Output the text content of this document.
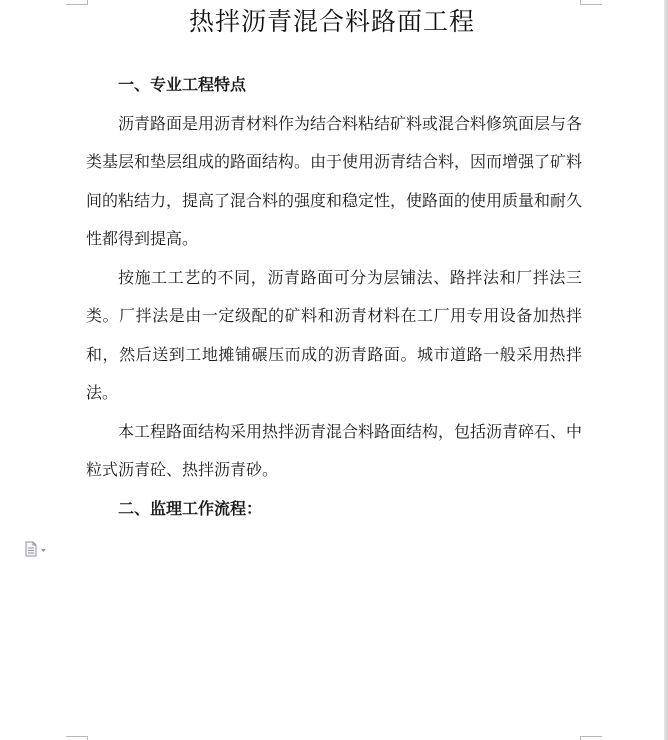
热拌沥青混合料路面工程

一、专业工程特点

沥青路面是用沥青材料作为结合料粘结矿料或混合料修筑面层与各类基层和垫层组成的路面结构。由于使用沥青结合料，因而增强了矿料间的粘结力，提高了混合料的强度和稳定性，使路面的使用质量和耐久性都得到提高。

按施工工艺的不同，沥青路面可分为层铺法、路拌法和厂拌法三类。厂拌法是由一定级配的矿料和沥青材料在工厂用专用设备加热拌和，然后送到工地摊铺碾压而成的沥青路面。城市道路一般采用热拌法。

本工程路面结构采用热拌沥青混合料路面结构，包括沥青碎石、中粒式沥青砼、热拌沥青砂。

二、监理工作流程：
